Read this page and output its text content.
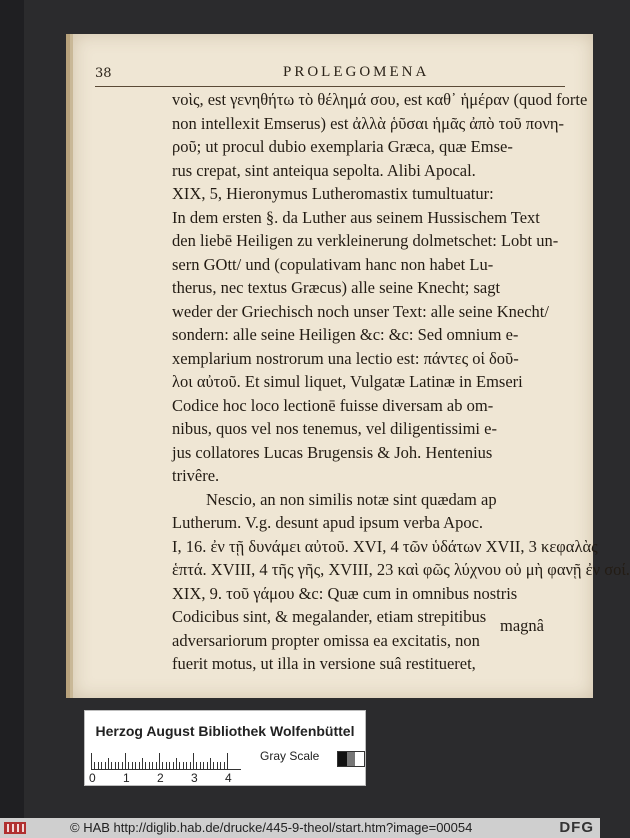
38	PROLEGOMENA
vοὶς, est γενηθήτω τὸ θέλημά σου, est καθ᾽ ἡμέραν (quod forte
non intellexit Emserus) est ἀλλὰ ῥῦσαι ἡμᾶς ἀπὸ τοῦ πονη-
ρoῦ; ut procul dubio exemplaria Græca, quæ Emse-
rus crepat, sint anteiqua sepolta. Alibi Apocal.
XIX, 5, Hieronymus Lutheromastix tumultuatur:
In dem ersten §. da Luther aus seinem Hussischem Text
den liebē Heiligen zu verkleinerung dolmetschet: Lobt un-
sern GOtt/ und (copulativam hanc non habet Lu-
therus, nec textus Græcus) alle seine Knecht; sagt
weder der Griechisch noch unser Text: alle seine Knecht/
sondern: alle seine Heiligen &c: &c: Sed omnium e-
xemplarium nostrorum una lectio est: πάντες οἱ δοῦ-
λοι αὐτοῦ. Et simul liquet, Vulgatæ Latinæ in Emseri
Codice hoc loco lectionē fuisse diversam ab om-
nibus, quos vel nos tenemus, vel diligentissimi e-
jus collatores Lucas Brugensis & Joh. Hentenius
trivêre.
Nescio, an non similis notæ sint quædam ap
Lutherum. V.g. desunt apud ipsum verba Apoc.
I, 16. ἐν τῇ δυνάμει αὐτοῦ. XVI, 4 τῶν ὑδάτων XVII, 3 κεφαλὰς
ἑπτά. XVIII, 4 τῆς γῆς, XVIII, 23 καὶ φῶς λύχνου οὐ μὴ φανῇ ἐν σοί.
XIX, 9. τοῦ γάμου &c: Quæ cum in omnibus nostris
Codicibus sint, & megalander, etiam strepitibus
adversariorum propter omissa ea excitatis, non
fuerit motus, ut illa in versione suâ restitueret,
magnâ
Herzog August Bibliothek Wolfenbüttel
0 1 2 3 4
Gray Scale
© HAB http://diglib.hab.de/drucke/445-9-theol/start.htm?image=00054	DFG
